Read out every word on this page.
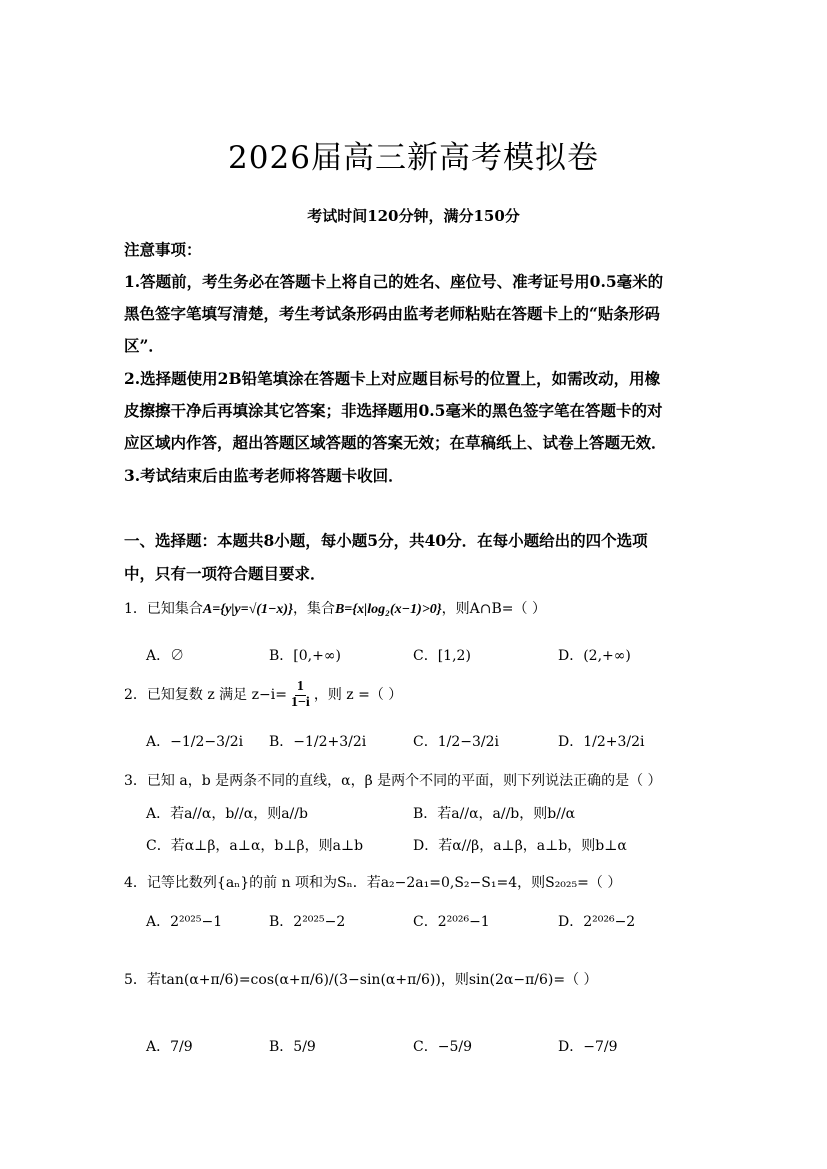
2026届高三新高考模拟卷
考试时间120分钟，满分150分
注意事项：
1.答题前，考生务必在答题卡上将自己的姓名、座位号、准考证号用0.5毫米的
黑色签字笔填写清楚，考生考试条形码由监考老师粘贴在答题卡上的“贴条形码
区”．
2.选择题使用2B铅笔填涂在答题卡上对应题目标号的位置上，如需改动，用橡
皮擦擦干净后再填涂其它答案；非选择题用0.5毫米的黑色签字笔在答题卡的对
应区域内作答，超出答题区域答题的答案无效；在草稿纸上、试卷上答题无效．
3.考试结束后由监考老师将答题卡收回．
一、选择题：本题共8小题，每小题5分，共40分．在每小题给出的四个选项
中，只有一项符合题目要求．
1．已知集合A={y|y=√(1−x)}，集合B={x|log₂(x−1)>0}，则A∩B=（ ）
A．∅	B．[0,+∞)	C．[1,2)	D．(2,+∞)
2．已知复数 z 满足 $z-i= \frac{1}{1-i}$ ，则 z =（ ）
A．−1/2−3/2i B．−1/2+3/2i	C．1/2−3/2i	D．1/2+3/2i
3．已知 a，b 是两条不同的直线，α，β 是两个不同的平面，则下列说法正确的是（ ）
A．若a//α，b//α，则a//b	B．若a//α，a//b，则b//α
C．若α⊥β，a⊥α，b⊥β，则a⊥b	D．若α//β，a⊥β，a⊥b，则b⊥α
4．记等比数列{aₙ}的前 n 项和为Sₙ．若a₂−2a₁=0,S₂−S₁=4，则S₂₀₂₅=（ ）
A．2²⁰²⁵−1	B．2²⁰²⁵−2	C．2²⁰²⁶−1	D．2²⁰²⁶−2
5．若tan(α+π/6)=cos(α+π/6)/(3−sin(α+π/6))，则sin(2α−π/6)=（ ）
A．7/9	B．5/9	C．−5/9	D．−7/9
